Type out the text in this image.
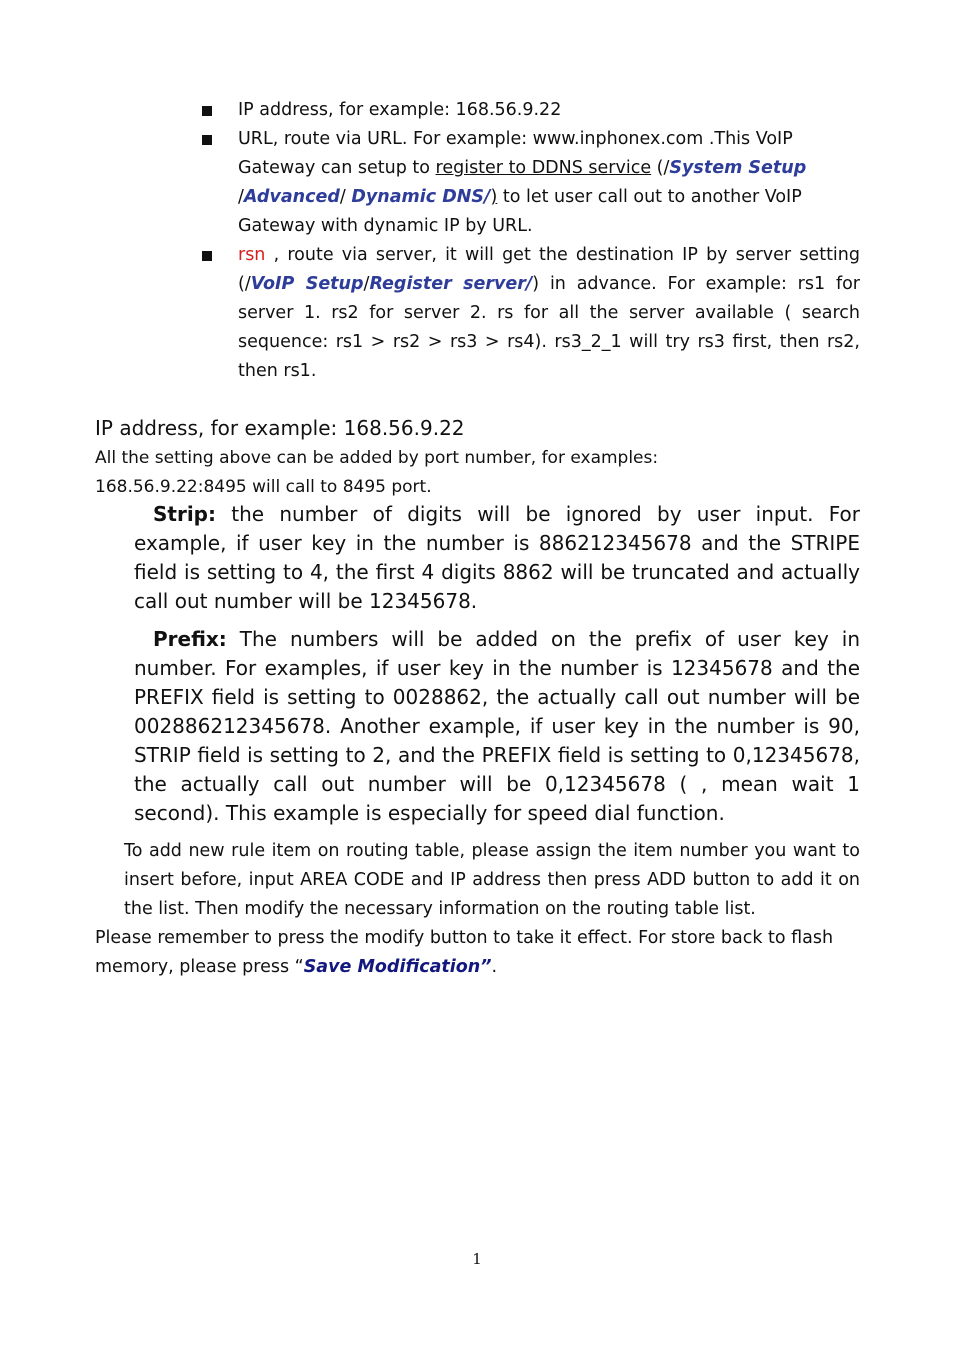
IP address, for example: 168.56.9.22
URL, route via URL. For example: www.inphonex.com .This VoIP Gateway can setup to register to DDNS service (/System Setup /Advanced/ Dynamic DNS/) to let user call out to another VoIP Gateway with dynamic IP by URL.
rsn , route via server, it will get the destination IP by server setting (/VoIP Setup/Register server/) in advance. For example: rs1 for server 1. rs2 for server 2. rs for all the server available ( search sequence: rs1 > rs2 > rs3 > rs4). rs3_2_1 will try rs3 first, then rs2, then rs1.

IP address, for example: 168.56.9.22

All the setting above can be added by port number, for examples:
168.56.9.22:8495 will call to 8495 port.

Strip: the number of digits will be ignored by user input. For example, if user key in the number is 886212345678 and the STRIPE field is setting to 4, the first 4 digits 8862 will be truncated and actually call out number will be 12345678.

Prefix: The numbers will be added on the prefix of user key in number. For examples, if user key in the number is 12345678 and the PREFIX field is setting to 0028862, the actually call out number will be 002886212345678. Another example, if user key in the number is 90, STRIP field is setting to 2, and the PREFIX field is setting to 0,12345678, the actually call out number will be 0,12345678 ( , mean wait 1 second). This example is especially for speed dial function.

To add new rule item on routing table, please assign the item number you want to insert before, input AREA CODE and IP address then press ADD button to add it on the list. Then modify the necessary information on the routing table list.

Please remember to press the modify button to take it effect. For store back to flash memory, please press “Save Modification”.

1
